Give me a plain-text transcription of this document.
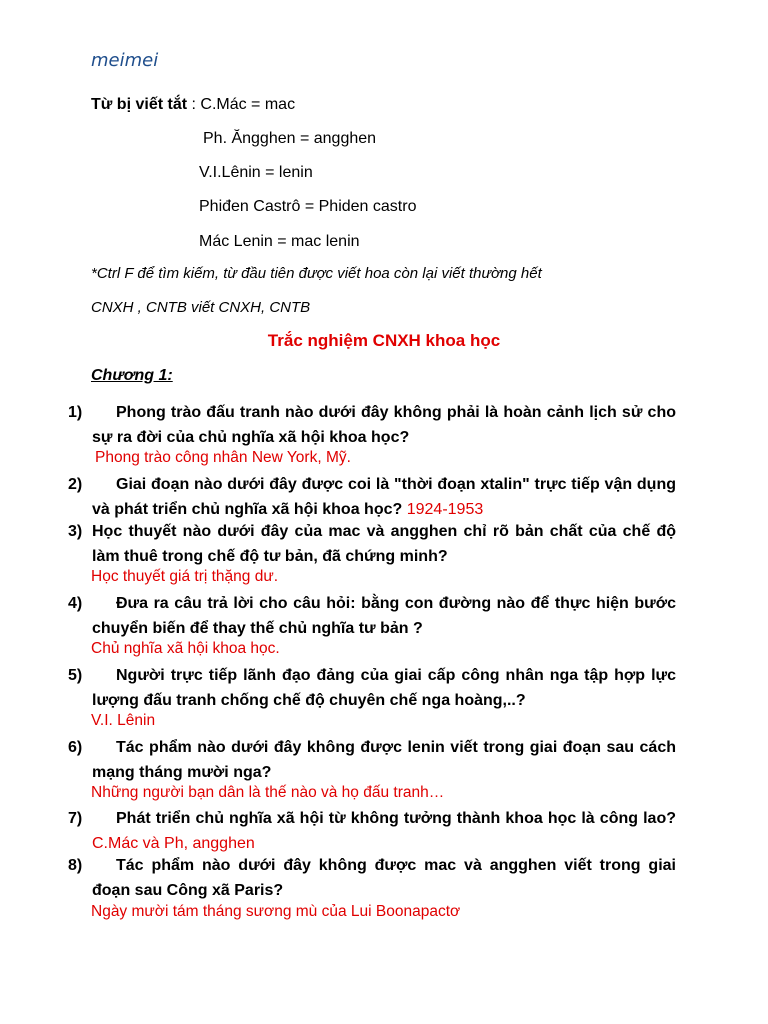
meimei
Từ bị viết tắt : C.Mác = mac
Ph. Ăngghen = angghen
V.I.Lênin = lenin
Phiđen Castrô = Phiden castro
Mác Lenin = mac lenin
*Ctrl F để tìm kiếm, từ đầu tiên được viết hoa còn lại viết thường hết
CNXH , CNTB viết CNXH, CNTB
Trắc nghiệm CNXH khoa học
Chương 1:
1)	Phong trào đấu tranh nào dưới đây không phải là hoàn cảnh lịch sử cho sự ra đời của chủ nghĩa xã hội khoa học?
Phong trào công nhân New York, Mỹ.
2)	Giai đoạn nào dưới đây được coi là "thời đoạn xtalin" trực tiếp vận dụng và phát triển chủ nghĩa xã hội khoa học? 1924-1953
3) Học thuyết nào dưới đây của mac và angghen chỉ rõ bản chất của chế độ làm thuê trong chế độ tư bản, đã chứng minh?
Học thuyết giá trị thặng dư.
4)	Đưa ra câu trả lời cho câu hỏi: bằng con đường nào để thực hiện bước chuyển biến để thay thế chủ nghĩa tư bản ?
Chủ nghĩa xã hội khoa học.
5)	Người trực tiếp lãnh đạo đảng của giai cấp công nhân nga tập hợp lực lượng đấu tranh chống chế độ chuyên chế nga hoàng,..?
V.I. Lênin
6)	Tác phẩm nào dưới đây không được lenin viết trong giai đoạn sau cách mạng tháng mười nga?
Những người bạn dân là thế nào và họ đấu tranh…
7)	Phát triển chủ nghĩa xã hội từ không tưởng thành khoa học là công lao? C.Mác và Ph, angghen
8)	Tác phẩm nào dưới đây không được mac và angghen viết trong giai đoạn sau Công xã Paris?
Ngày mười tám tháng sương mù của Lui Boonapactơ
